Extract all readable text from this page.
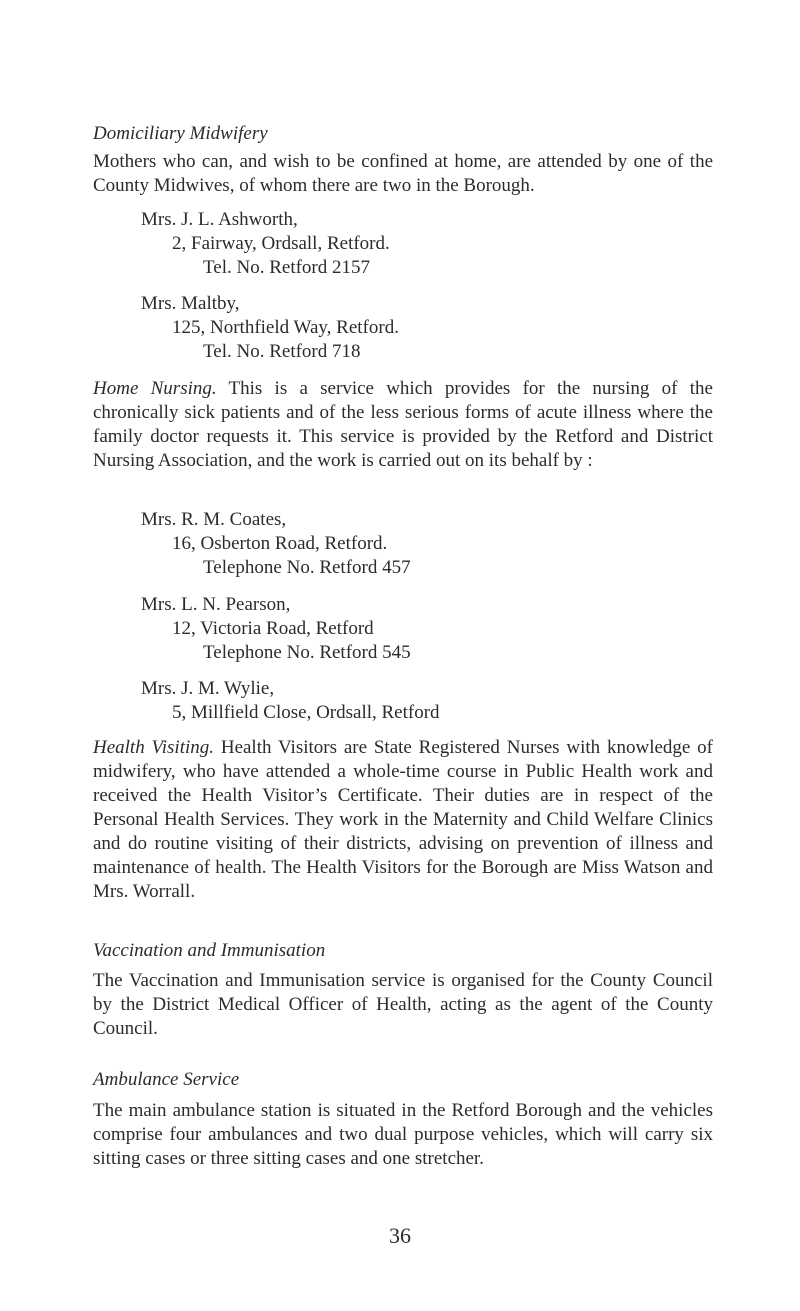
Domiciliary Midwifery
Mothers who can, and wish to be confined at home, are attended by one of the County Midwives, of whom there are two in the Borough.
Mrs. J. L. Ashworth,
2, Fairway, Ordsall, Retford.
Tel. No. Retford 2157
Mrs. Maltby,
125, Northfield Way, Retford.
Tel. No. Retford 718
Home Nursing. This is a service which provides for the nursing of the chronically sick patients and of the less serious forms of acute illness where the family doctor requests it. This service is provided by the Retford and District Nursing Association, and the work is carried out on its behalf by :
Mrs. R. M. Coates,
16, Osberton Road, Retford.
Telephone No. Retford 457
Mrs. L. N. Pearson,
12, Victoria Road, Retford
Telephone No. Retford 545
Mrs. J. M. Wylie,
5, Millfield Close, Ordsall, Retford
Health Visiting. Health Visitors are State Registered Nurses with knowledge of midwifery, who have attended a whole-time course in Public Health work and received the Health Visitor’s Certificate. Their duties are in respect of the Personal Health Services. They work in the Maternity and Child Welfare Clinics and do routine visiting of their districts, advising on prevention of illness and maintenance of health. The Health Visitors for the Borough are Miss Watson and Mrs. Worrall.
Vaccination and Immunisation
The Vaccination and Immunisation service is organised for the County Council by the District Medical Officer of Health, acting as the agent of the County Council.
Ambulance Service
The main ambulance station is situated in the Retford Borough and the vehicles comprise four ambulances and two dual purpose vehicles, which will carry six sitting cases or three sitting cases and one stretcher.
36
